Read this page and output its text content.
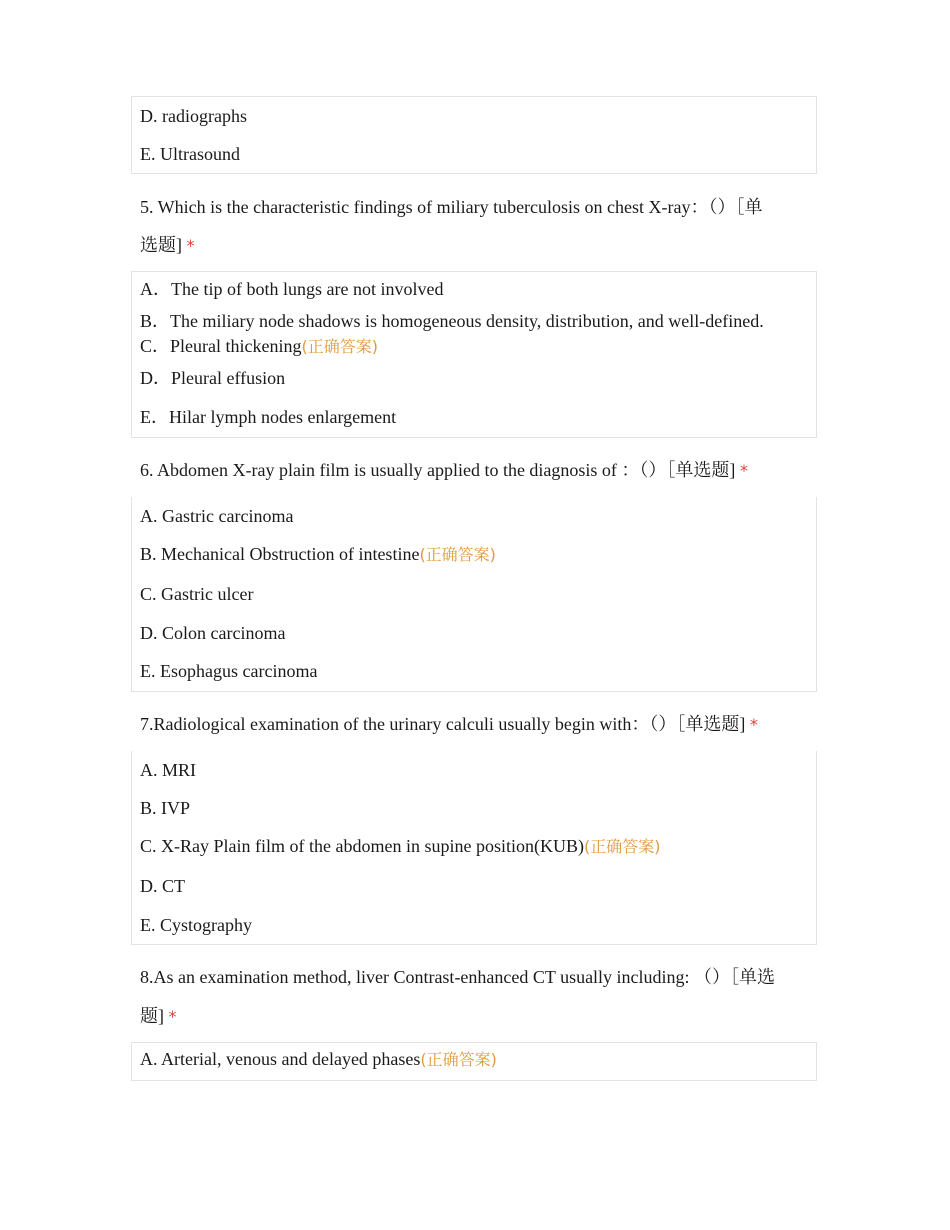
D. radiographs
E. Ultrasound
5. Which is the characteristic findings of miliary tuberculosis on chest X-ray：（）［单
选题] *
A．The tip of both lungs are not involved
B．The miliary node shadows is homogeneous density, distribution, and well-defined.
C．Pleural thickening(正确答案)
D．Pleural effusion
E．Hilar lymph nodes enlargement
6. Abdomen X-ray plain film is usually applied to the diagnosis of ：（）［单选题] *
A. Gastric carcinoma
B. Mechanical Obstruction of intestine(正确答案)
C. Gastric ulcer
D. Colon carcinoma
E. Esophagus carcinoma
7.Radiological examination of the urinary calculi usually begin with：（）［单选题] *
A. MRI
B. IVP
C. X-Ray Plain film of the abdomen in supine position(KUB)(正确答案)
D. CT
E. Cystography
8.As an examination method, liver Contrast-enhanced CT usually including: （）［单选
题] *
A. Arterial, venous and delayed phases(正确答案)
